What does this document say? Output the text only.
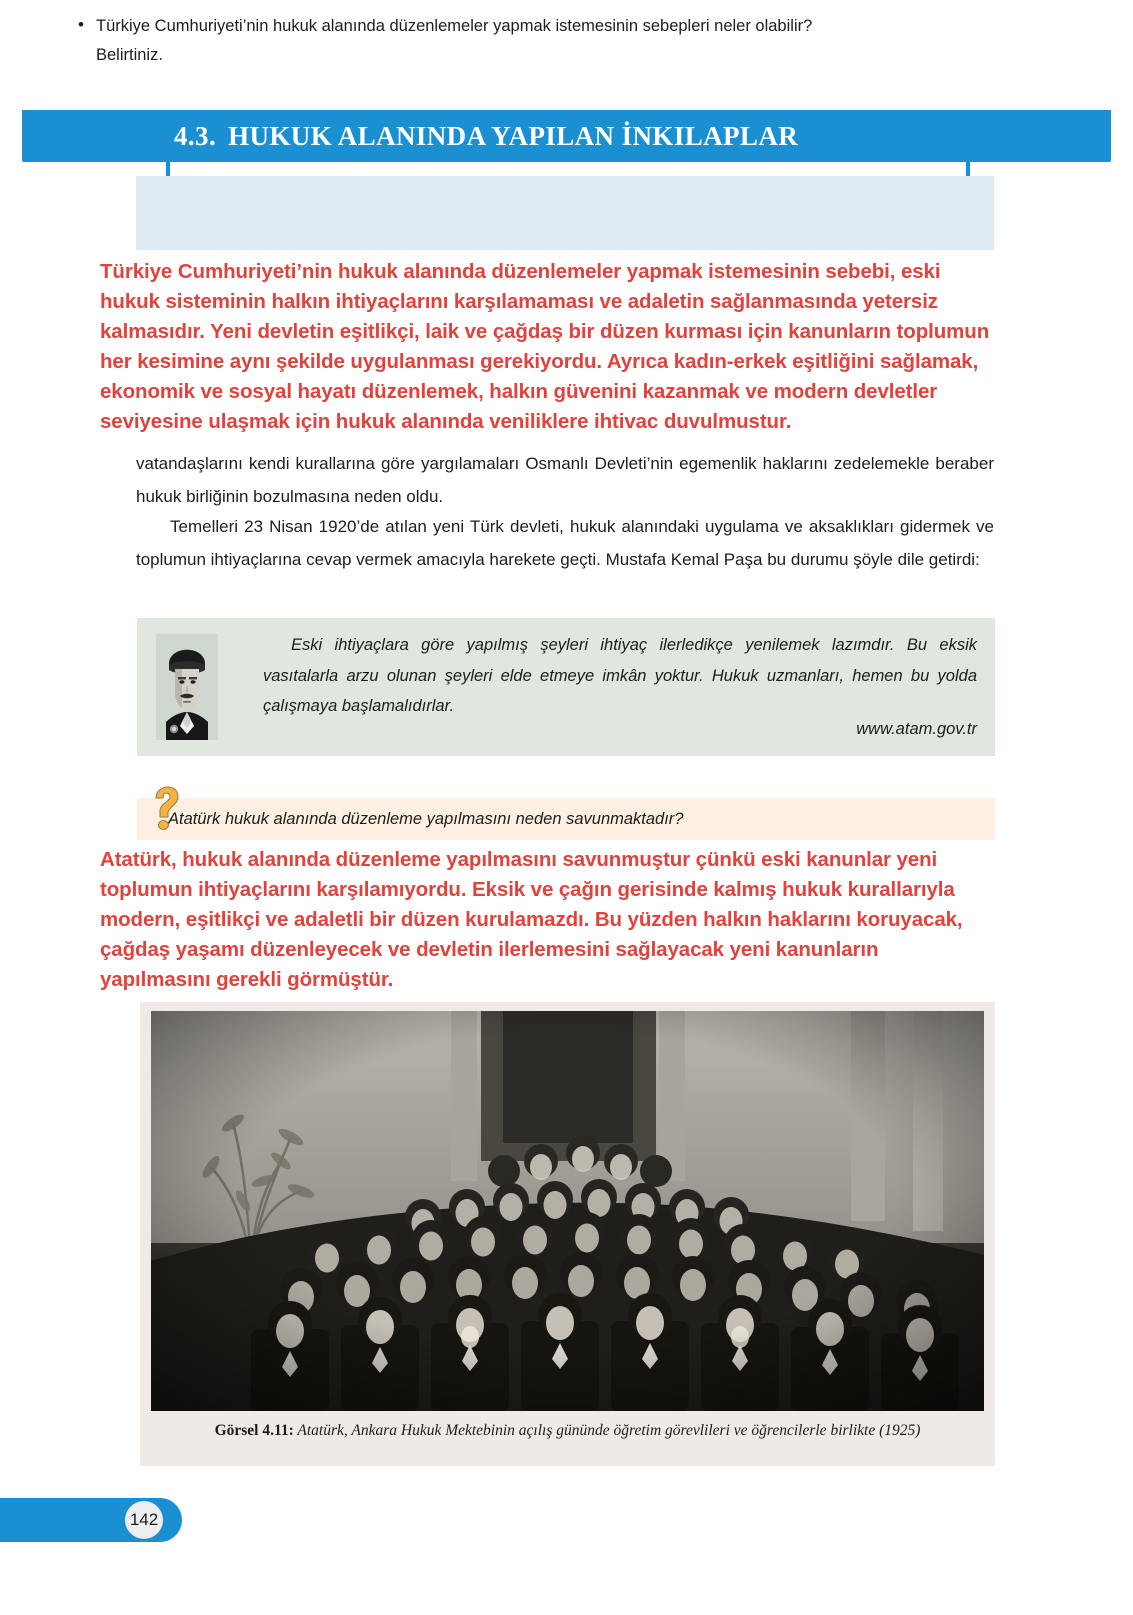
4.3. HUKUK ALANINDA YAPILAN İNKILAPLAR
• Türkiye Cumhuriyeti’nin hukuk alanında düzenlemeler yapmak istemesinin sebepleri neler olabilir? Belirtiniz.
Türkiye Cumhuriyeti’nin hukuk alanında düzenlemeler yapmak istemesinin sebebi, eski hukuk sisteminin halkın ihtiyaçlarını karşılamaması ve adaletin sağlanmasında yetersiz kalmasıdır. Yeni devletin eşitlikçi, laik ve çağdaş bir düzen kurması için kanunların toplumun her kesimine aynı şekilde uygulanması gerekiyordu. Ayrıca kadın-erkek eşitliğini sağlamak, ekonomik ve sosyal hayatı düzenlemek, halkın güvenini kazanmak ve modern devletler seviyesine ulaşmak için hukuk alanında veniliklere ihtivac duvulmustur.
vatandaşlarını kendi kurallarına göre yargılamaları Osmanlı Devleti’nin egemenlik haklarını zedelemekle beraber hukuk birliğinin bozulmasına neden oldu.
Temelleri 23 Nisan 1920’de atılan yeni Türk devleti, hukuk alanındaki uygulama ve aksaklıkları gidermek ve toplumun ihtiyaçlarına cevap vermek amacıyla harekete geçti. Mustafa Kemal Paşa bu durumu şöyle dile getirdi:
Eski ihtiyaçlara göre yapılmış şeyleri ihtiyaç ilerledikçe yenilemek lazımdır. Bu eksik vasıtalarla arzu olunan şeyleri elde etmeye imkân yoktur. Hukuk uzmanları, hemen bu yolda çalışmaya başlamalıdırlar.
www.atam.gov.tr
Atatürk hukuk alanında düzenleme yapılmasını neden savunmaktadır?
Atatürk, hukuk alanında düzenleme yapılmasını savunmuştur çünkü eski kanunlar yeni toplumun ihtiyaçlarını karşılamıyordu. Eksik ve çağın gerisinde kalmış hukuk kurallarıyla modern, eşitlikçi ve adaletli bir düzen kurulamazdı. Bu yüzden halkın haklarını koruyacak, çağdaş yaşamı düzenleyecek ve devletin ilerlemesini sağlayacak yeni kanunların yapılmasını gerekli görmüştür.
Görsel 4.11: Atatürk, Ankara Hukuk Mektebinin açılış gününde öğretim görevlileri ve öğrencilerle birlikte (1925)
142
